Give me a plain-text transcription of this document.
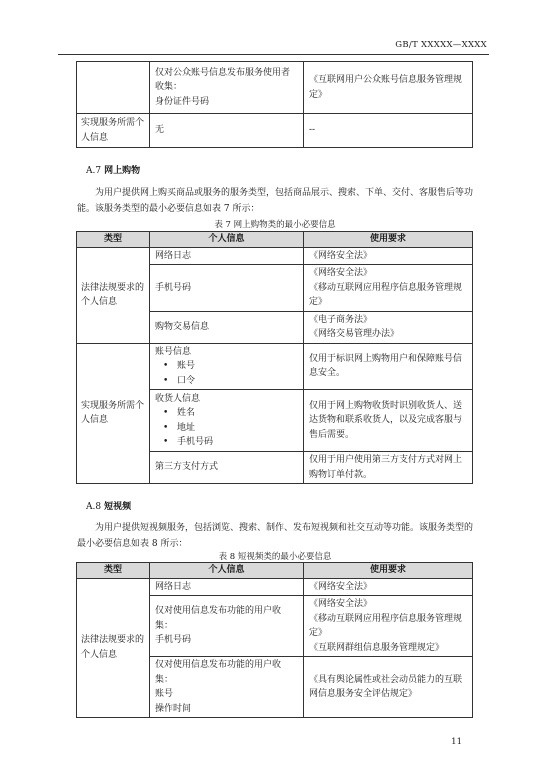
GB/T XXXXX—XXXX
	仅对公众账号信息发布服务使用者收集：
身份证件号码	《互联网用户公众账号信息服务管理规定》
实现服务所需个人信息	无	--
A.7 网上购物
为用户提供网上购买商品或服务的服务类型，包括商品展示、搜索、下单、交付、客服售后等功能。该服务类型的最小必要信息如表 7 所示：
表 7 网上购物类的最小必要信息
类型	个人信息	使用要求
法律法规要求的个人信息	网络日志	《网络安全法》
	手机号码	《网络安全法》
《移动互联网应用程序信息服务管理规定》
	购物交易信息	《电子商务法》
《网络交易管理办法》
实现服务所需个人信息	账号信息
• 账号
• 口令	仅用于标识网上购物用户和保障账号信息安全。

	收货人信息
• 姓名
• 地址
• 手机号码	仅用于网上购物收货时识别收货人、送达货物和联系收货人，以及完成客服与售后需要。
	第三方支付方式	仅用于用户使用第三方支付方式对网上购物订单付款。
A.8 短视频
为用户提供短视频服务，包括浏览、搜索、制作、发布短视频和社交互动等功能。该服务类型的最小必要信息如表 8 所示：
表 8 短视频类的最小必要信息
类型	个人信息	使用要求
法律法规要求的个人信息	网络日志	《网络安全法》
	仅对使用信息发布功能的用户收集：
手机号码	《网络安全法》
《移动互联网应用程序信息服务管理规定》
《互联网群组信息服务管理规定》
	仅对使用信息发布功能的用户收集：
账号
操作时间	《具有舆论属性或社会动员能力的互联网信息服务安全评估规定》
11
